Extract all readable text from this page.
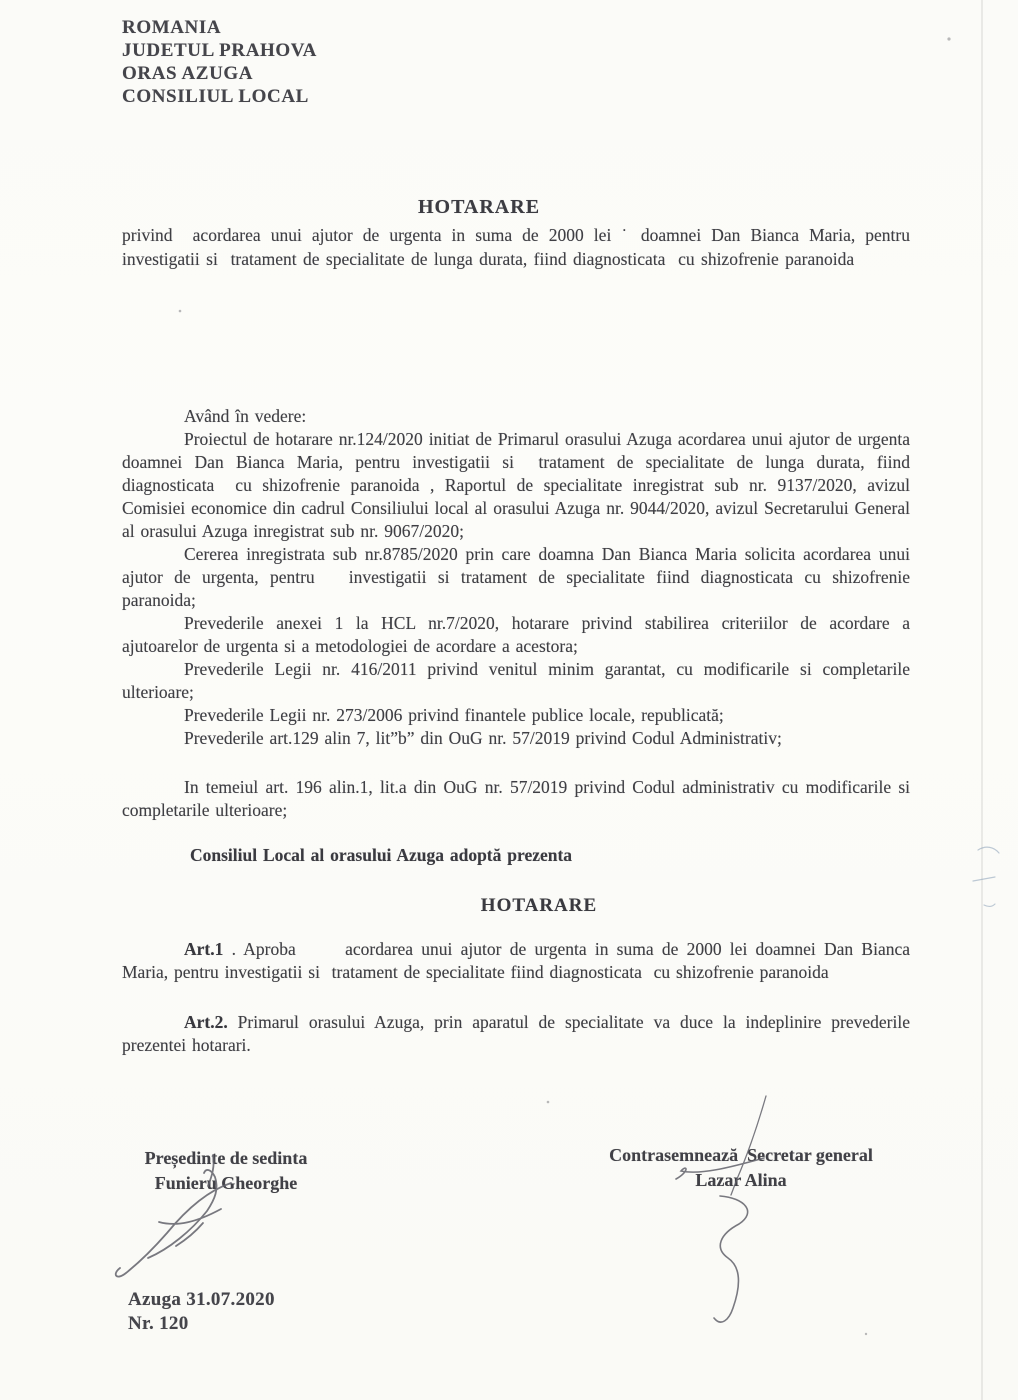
ROMANIA
JUDETUL PRAHOVA
ORAS AZUGA
CONSILIUL LOCAL
HOTARARE

privind  acordarea unui ajutor de urgenta in suma de 2000 lei ˙ doamnei Dan Bianca Maria, pentru investigatii si  tratament de specialitate de lunga durata, fiind diagnosticata  cu shizofrenie paranoida

Având în vedere:

Proiectul de hotarare nr.124/2020 initiat de Primarul orasului Azuga acordarea unui ajutor de urgenta doamnei Dan Bianca Maria, pentru investigatii si  tratament de specialitate de lunga durata, fiind diagnosticata  cu shizofrenie paranoida , Raportul de specialitate inregistrat sub nr. 9137/2020, avizul Comisiei economice din cadrul Consiliului local al orasului Azuga nr. 9044/2020, avizul Secretarului General al orasului Azuga inregistrat sub nr. 9067/2020;

Cererea inregistrata sub nr.8785/2020 prin care doamna Dan Bianca Maria solicita acordarea unui ajutor de urgenta, pentru   investigatii si tratament de specialitate fiind diagnosticata cu shizofrenie paranoida;

Prevederile anexei 1 la HCL nr.7/2020, hotarare privind stabilirea criteriilor de acordare a ajutoarelor de urgenta si a metodologiei de acordare a acestora;

Prevederile Legii nr. 416/2011 privind venitul minim garantat, cu modificarile si completarile ulterioare;

Prevederile Legii nr. 273/2006 privind finantele publice locale, republicată;

Prevederile art.129 alin 7, lit”b” din OuG nr. 57/2019 privind Codul Administrativ;

In temeiul art. 196 alin.1, lit.a din OuG nr. 57/2019 privind Codul administrativ cu modificarile si completarile ulterioare;

Consiliul Local al orasului Azuga adoptă prezenta

HOTARARE

Art.1 . Aproba      acordarea unui ajutor de urgenta in suma de 2000 lei doamnei Dan Bianca Maria, pentru investigatii si  tratament de specialitate fiind diagnosticata  cu shizofrenie paranoida

Art.2. Primarul orasului Azuga, prin aparatul de specialitate va duce la indeplinire prevederile prezentei hotarari.

Președinte de sedinta
Funieru Gheorghe
Contrasemnează  Secretar general
Lazar Alina
Azuga 31.07.2020
Nr. 120
